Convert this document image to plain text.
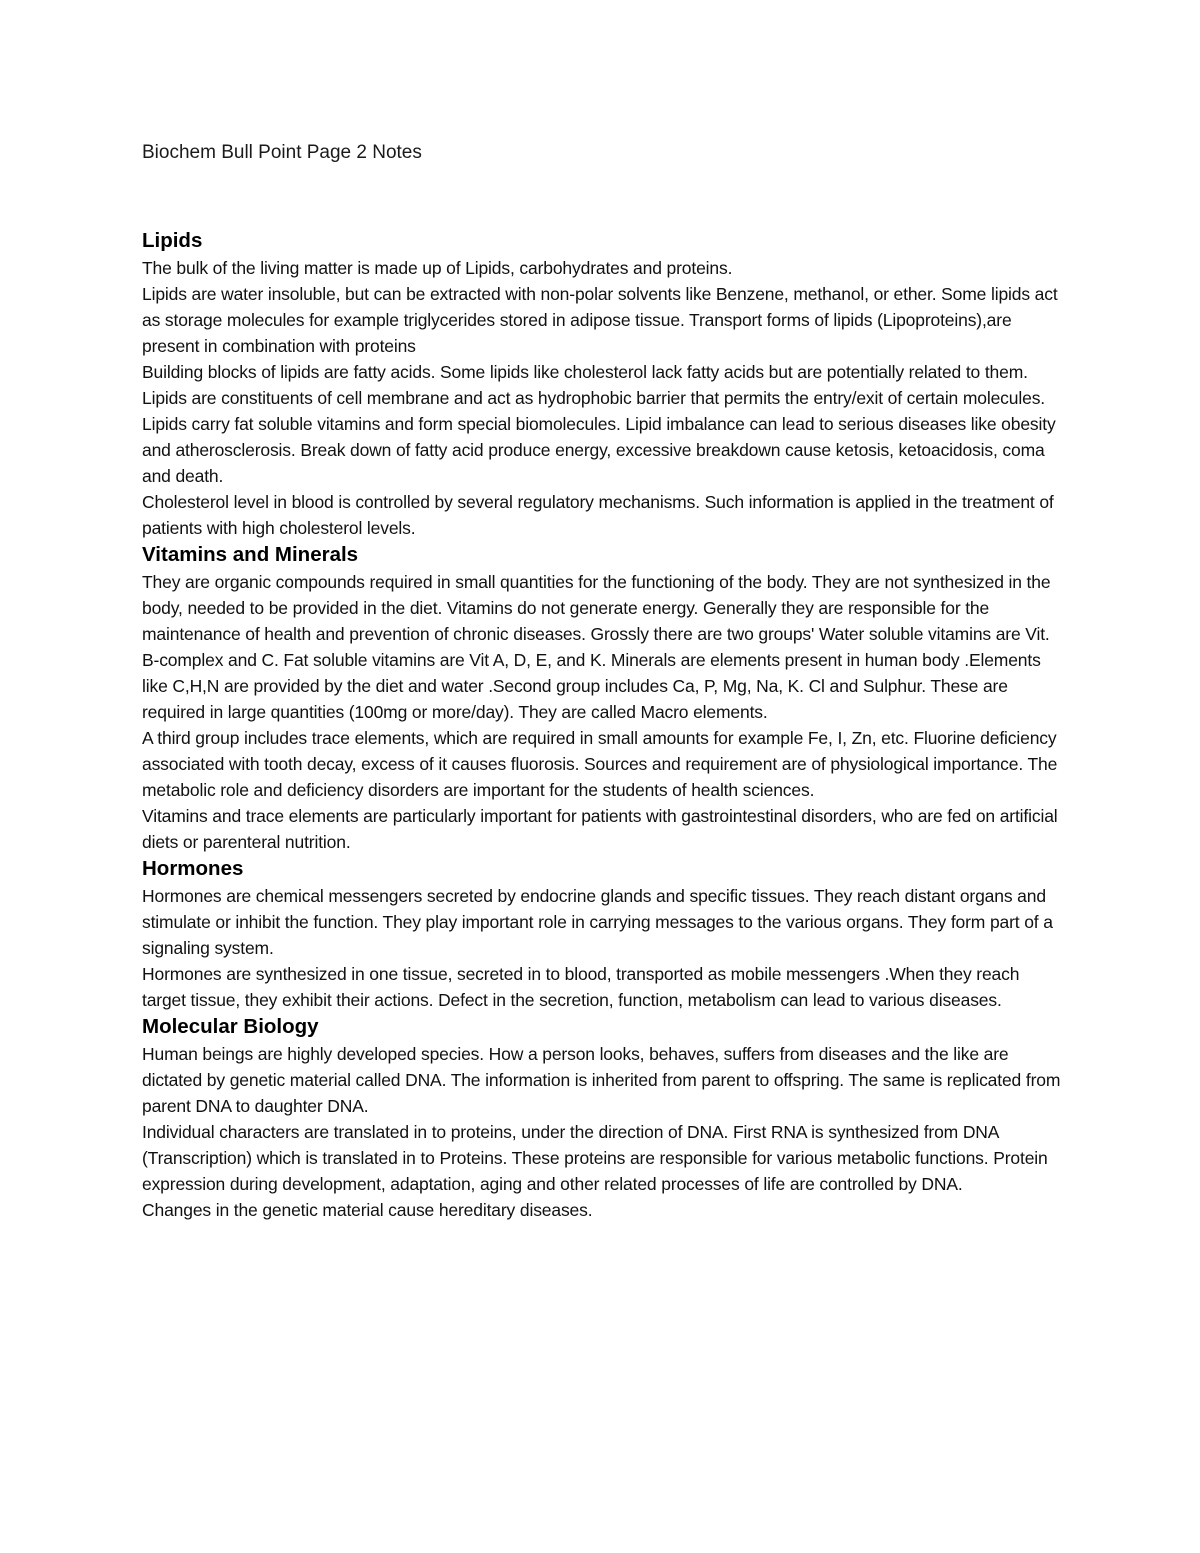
Biochem Bull Point Page 2 Notes

Lipids

The bulk of the living matter is made up of Lipids, carbohydrates and proteins.

Lipids are water insoluble, but can be extracted with non-polar solvents like Benzene, methanol, or ether. Some lipids act as storage molecules for example triglycerides stored in adipose tissue. Transport forms of lipids (Lipoproteins),are present in combination with proteins

Building blocks of lipids are fatty acids. Some lipids like cholesterol lack fatty acids but are potentially related to them. Lipids are constituents of cell membrane and act as hydrophobic barrier that permits the entry/exit of certain molecules. Lipids carry fat soluble vitamins and form special biomolecules. Lipid imbalance can lead to serious diseases like obesity and atherosclerosis. Break down of fatty acid produce energy, excessive breakdown cause ketosis, ketoacidosis, coma and death.

Cholesterol level in blood is controlled by several regulatory mechanisms. Such information is applied in the treatment of patients with high cholesterol levels.

Vitamins and Minerals

They are organic compounds required in small quantities for the functioning of the body. They are not synthesized in the body, needed to be provided in the diet. Vitamins do not generate energy. Generally they are responsible for the maintenance of health and prevention of chronic diseases. Grossly there are two groups' Water soluble vitamins are Vit. B-complex and C. Fat soluble vitamins are Vit A, D, E, and K. Minerals are elements present in human body .Elements like C,H,N are provided by the diet and water .Second group includes Ca, P, Mg, Na, K. Cl and Sulphur. These are required in large quantities (100mg or more/day). They are called Macro elements.

A third group includes trace elements, which are required in small amounts for example Fe, I, Zn, etc. Fluorine deficiency associated with tooth decay, excess of it causes fluorosis. Sources and requirement are of physiological importance. The metabolic role and deficiency disorders are important for the students of health sciences.

Vitamins and trace elements are particularly important for patients with gastrointestinal disorders, who are fed on artificial diets or parenteral nutrition.

Hormones

Hormones are chemical messengers secreted by endocrine glands and specific tissues. They reach distant organs and stimulate or inhibit the function. They play important role in carrying messages to the various organs. They form part of a signaling system.

Hormones are synthesized in one tissue, secreted in to blood, transported as mobile messengers .When they reach target tissue, they exhibit their actions. Defect in the secretion, function, metabolism can lead to various diseases.

Molecular Biology

Human beings are highly developed species. How a person looks, behaves, suffers from diseases and the like are dictated by genetic material called DNA. The information is inherited from parent to offspring. The same is replicated from parent DNA to daughter DNA.

Individual characters are translated in to proteins, under the direction of DNA. First RNA is synthesized from DNA (Transcription) which is translated in to Proteins. These proteins are responsible for various metabolic functions. Protein expression during development, adaptation, aging and other related processes of life are controlled by DNA.

Changes in the genetic material cause hereditary diseases.
